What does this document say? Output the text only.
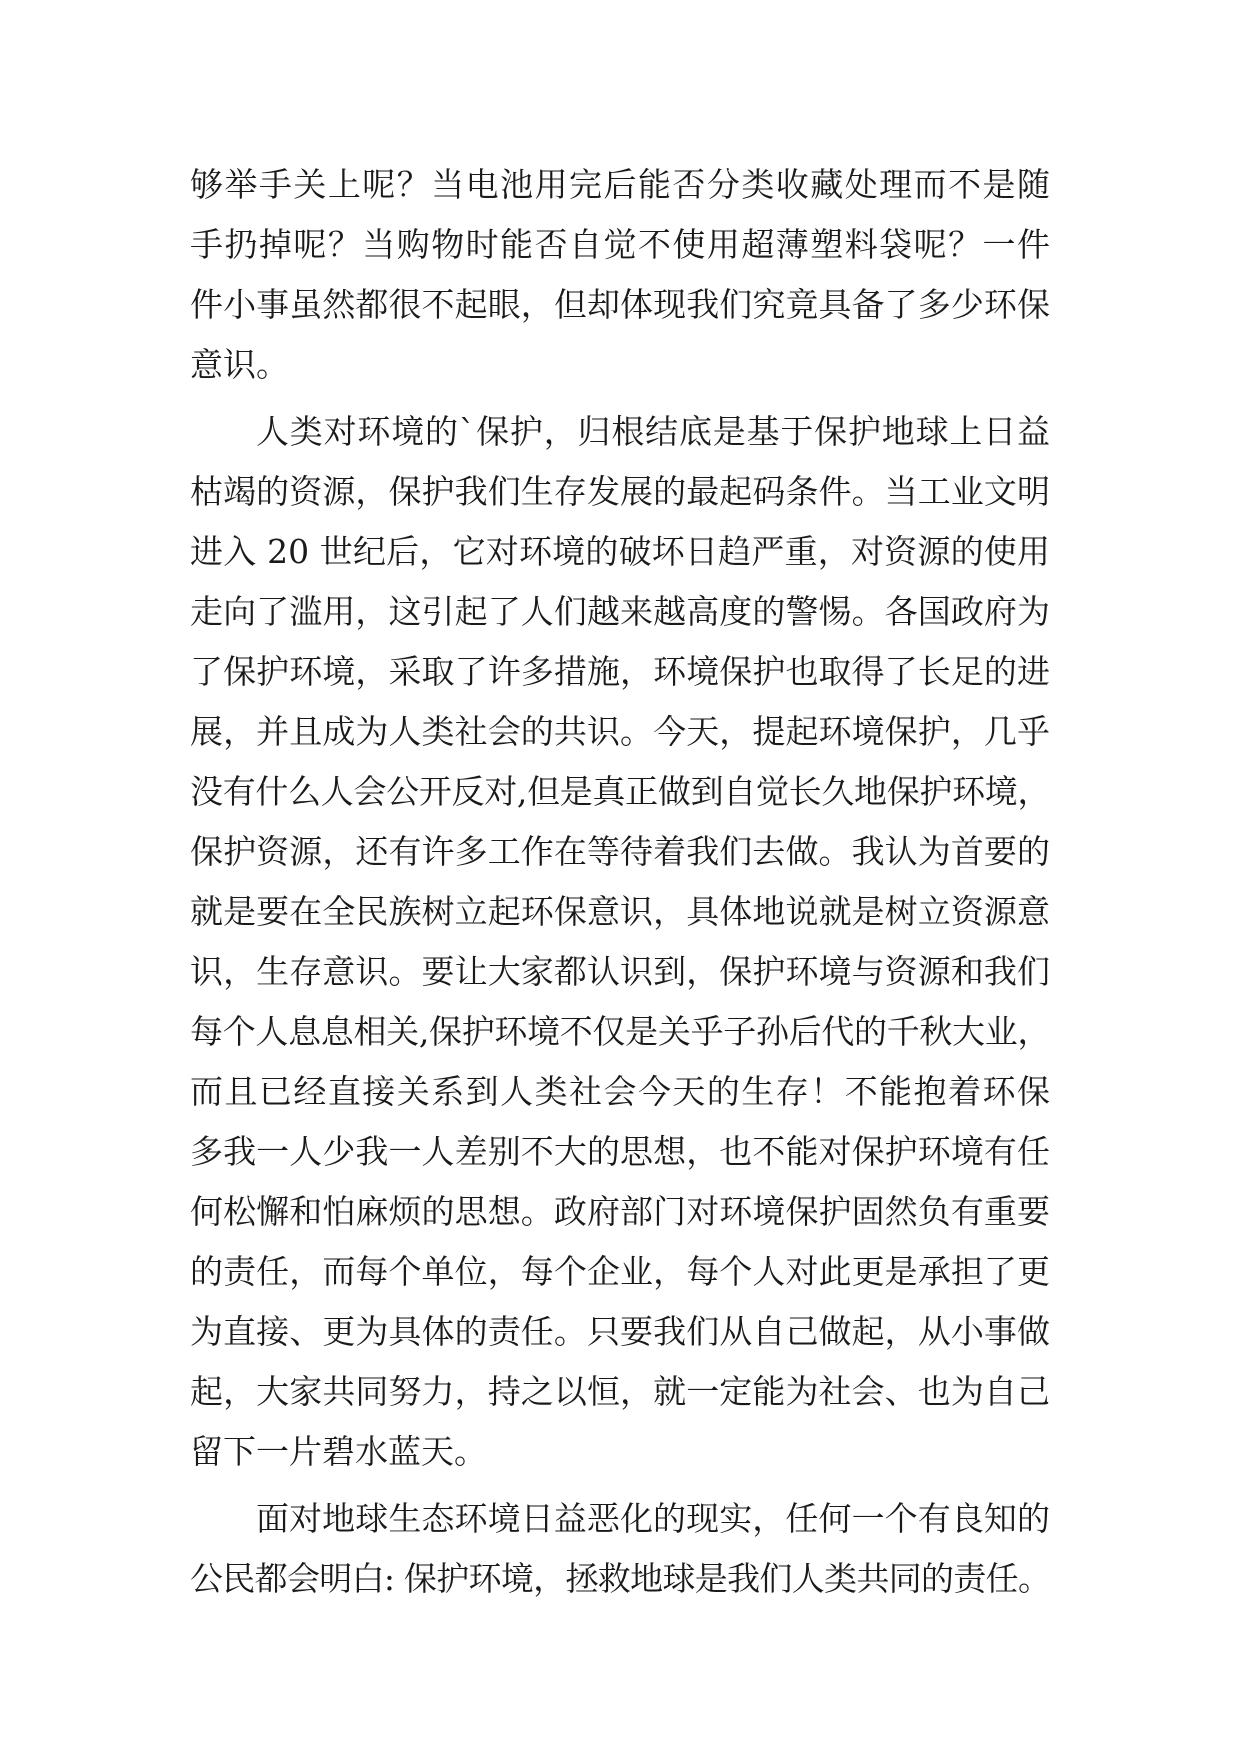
够举手关上呢？当电池用完后能否分类收藏处理而不是随
手扔掉呢？当购物时能否自觉不使用超薄塑料袋呢？一件
件小事虽然都很不起眼，但却体现我们究竟具备了多少环保
意识。
人类对环境的`保护，归根结底是基于保护地球上日益
枯竭的资源，保护我们生存发展的最起码条件。当工业文明
进入 20 世纪后，它对环境的破坏日趋严重，对资源的使用
走向了滥用，这引起了人们越来越高度的警惕。各国政府为
了保护环境，采取了许多措施，环境保护也取得了长足的进
展，并且成为人类社会的共识。今天，提起环境保护，几乎
没有什么人会公开反对,但是真正做到自觉长久地保护环境，
保护资源，还有许多工作在等待着我们去做。我认为首要的
就是要在全民族树立起环保意识，具体地说就是树立资源意
识，生存意识。要让大家都认识到，保护环境与资源和我们
每个人息息相关,保护环境不仅是关乎子孙后代的千秋大业，
而且已经直接关系到人类社会今天的生存！不能抱着环保
多我一人少我一人差别不大的思想，也不能对保护环境有任
何松懈和怕麻烦的思想。政府部门对环境保护固然负有重要
的责任，而每个单位，每个企业，每个人对此更是承担了更
为直接、更为具体的责任。只要我们从自己做起，从小事做
起，大家共同努力，持之以恒，就一定能为社会、也为自己
留下一片碧水蓝天。
面对地球生态环境日益恶化的现实，任何一个有良知的
公民都会明白: 保护环境，拯救地球是我们人类共同的责任。
